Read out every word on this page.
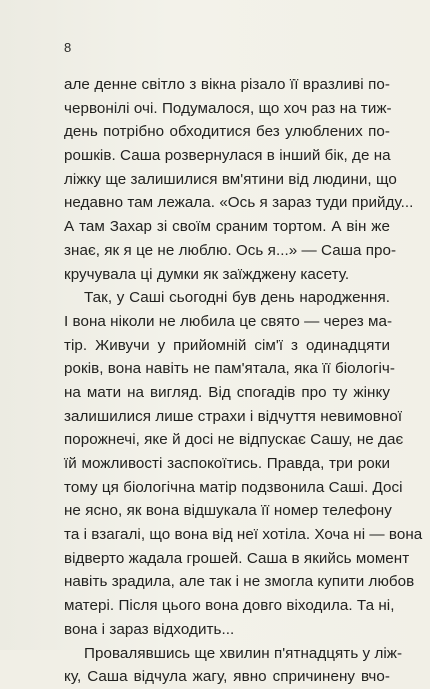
8
але денне світло з вікна різало її вразливі по-
червонілі очі. Подумалося, що хоч раз на тиж-
день потрібно обходитися без улюблених по-
рошків. Саша розвернулася в інший бік, де на
ліжку ще залишилися вм'ятини від людини, що
недавно там лежала. «Ось я зараз туди прийду...
А там Захар зі своїм сраним тортом. А він же
знає, як я це не люблю. Ось я...» — Саша про-
кручувала ці думки як заїжджену касету.
Так, у Саші сьогодні був день народження.
І вона ніколи не любила це свято — через ма-
тір. Живучи у прийомній сім'ї з одинадцяти
років, вона навіть не пам'ятала, яка її біологіч-
на мати на вигляд. Від спогадів про ту жінку
залишилися лише страхи і відчуття невимовної
порожнечі, яке й досі не відпускає Сашу, не дає
їй можливості заспокоїтись. Правда, три роки
тому ця біологічна матір подзвонила Саші. Досі
не ясно, як вона відшукала її номер телефону
та і взагалі, що вона від неї хотіла. Хоча ні — вона
відверто жадала грошей. Саша в якийсь момент
навіть зрадила, але так і не змогла купити любов
матері. Після цього вона довго віходила. Та ні,
вона і зараз відходить...
Провалявшись ще хвилин п'ятнадцять у ліж-
ку, Саша відчула жагу, явно спричинену вчо-
